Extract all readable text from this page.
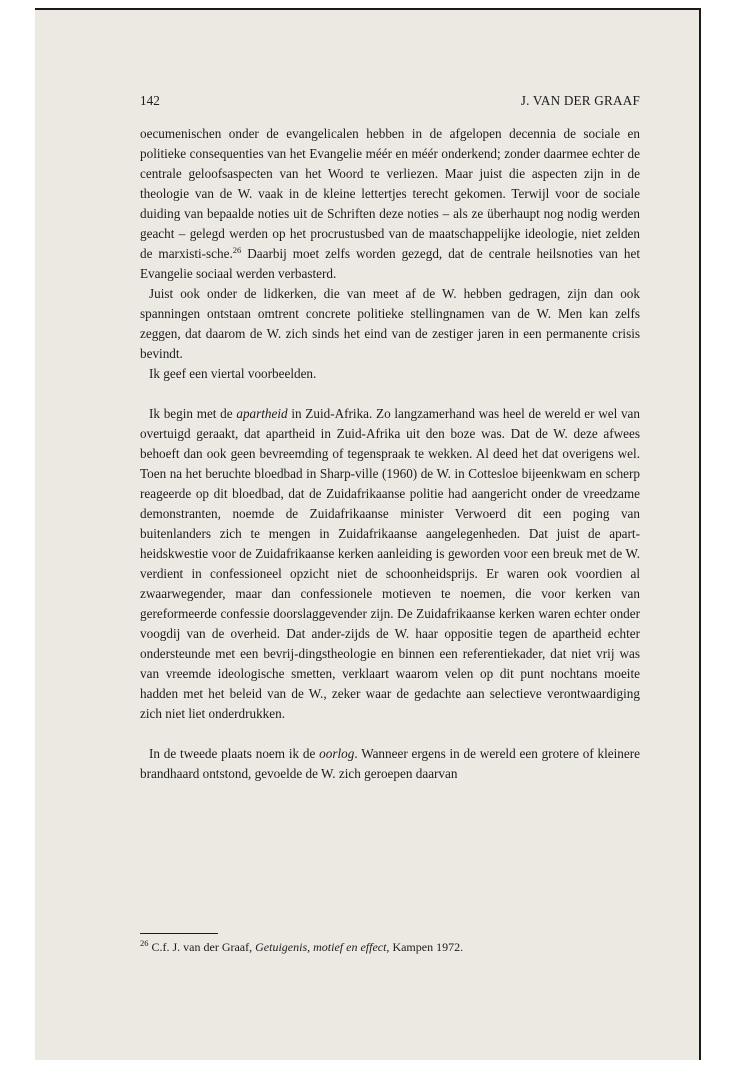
142	J. VAN DER GRAAF

oecumenischen onder de evangelicalen hebben in de afgelopen decennia de sociale en politieke consequenties van het Evangelie méér en méér onderkend; zonder daarmee echter de centrale geloofsaspecten van het Woord te verliezen. Maar juist die aspecten zijn in de theologie van de W. vaak in de kleine lettertjes terecht gekomen. Terwijl voor de sociale duiding van bepaalde noties uit de Schriften deze noties – als ze überhaupt nog nodig werden geacht – gelegd werden op het procrustusbed van de maatschappelijke ideologie, niet zelden de marxisti-sche.$^{26}$ Daarbij moet zelfs worden gezegd, dat de centrale heilsnoties van het Evangelie sociaal werden verbasterd.

Juist ook onder de lidkerken, die van meet af de W. hebben gedragen, zijn dan ook spanningen ontstaan omtrent concrete politieke stellingnamen van de W. Men kan zelfs zeggen, dat daarom de W. zich sinds het eind van de zestiger jaren in een permanente crisis bevindt.

Ik geef een viertal voorbeelden.

Ik begin met de apartheid in Zuid-Afrika. Zo langzamerhand was heel de wereld er wel van overtuigd geraakt, dat apartheid in Zuid-Afrika uit den boze was. Dat de W. deze afwees behoeft dan ook geen bevreemding of tegenspraak te wekken. Al deed het dat overigens wel. Toen na het beruchte bloedbad in Sharp-ville (1960) de W. in Cottesloe bijeenkwam en scherp reageerde op dit bloedbad, dat de Zuidafrikaanse politie had aangericht onder de vreedzame demonstranten, noemde de Zuidafrikaanse minister Verwoerd dit een poging van buitenlanders zich te mengen in Zuidafrikaanse aangelegenheden. Dat juist de apart-heidskwestie voor de Zuidafrikaanse kerken aanleiding is geworden voor een breuk met de W. verdient in confessioneel opzicht niet de schoonheidsprijs. Er waren ook voordien al zwaarwegender, maar dan confessionele motieven te noemen, die voor kerken van gereformeerde confessie doorslaggevender zijn. De Zuidafrikaanse kerken waren echter onder voogdij van de overheid. Dat ander-zijds de W. haar oppositie tegen de apartheid echter ondersteunde met een bevrij-dingstheologie en binnen een referentiekader, dat niet vrij was van vreemde ideologische smetten, verklaart waarom velen op dit punt nochtans moeite hadden met het beleid van de W., zeker waar de gedachte aan selectieve verontwaardiging zich niet liet onderdrukken.

In de tweede plaats noem ik de oorlog. Wanneer ergens in de wereld een grotere of kleinere brandhaard ontstond, gevoelde de W. zich geroepen daarvan

$^{26}$ C.f. J. van der Graaf, Getuigenis, motief en effect, Kampen 1972.
